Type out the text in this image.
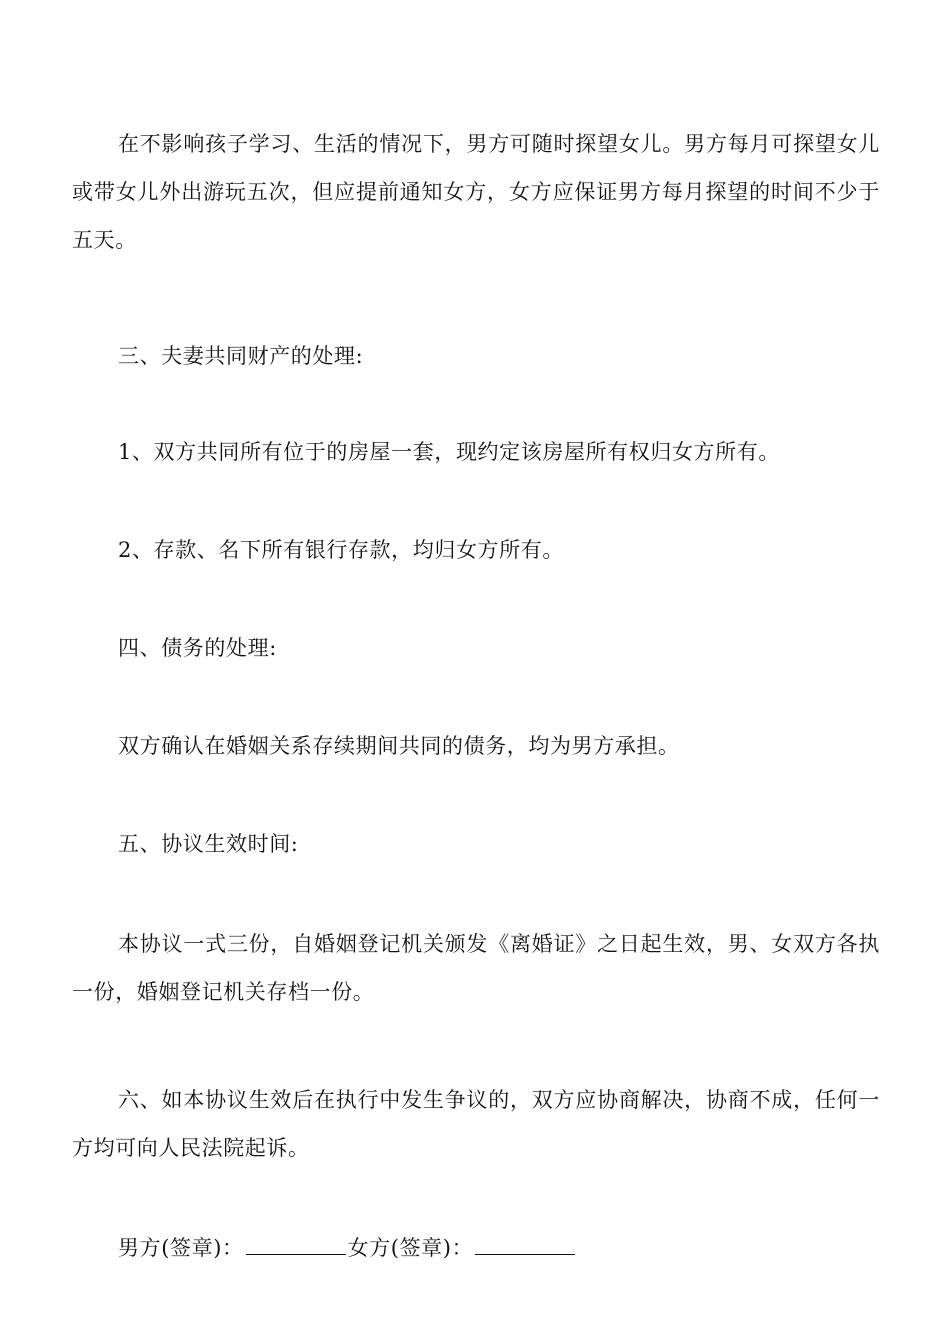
在不影响孩子学习、生活的情况下，男方可随时探望女儿。男方每月可探望女儿或带女儿外出游玩五次，但应提前通知女方，女方应保证男方每月探望的时间不少于五天。

三、夫妻共同财产的处理:

1、双方共同所有位于的房屋一套，现约定该房屋所有权归女方所有。

2、存款、名下所有银行存款，均归女方所有。

四、债务的处理:

双方确认在婚姻关系存续期间共同的债务，均为男方承担。

五、协议生效时间:

本协议一式三份，自婚姻登记机关颁发《离婚证》之日起生效，男、女双方各执一份，婚姻登记机关存档一份。

六、如本协议生效后在执行中发生争议的，双方应协商解决，协商不成，任何一方均可向人民法院起诉。

男方(签章)：	女方(签章)：
